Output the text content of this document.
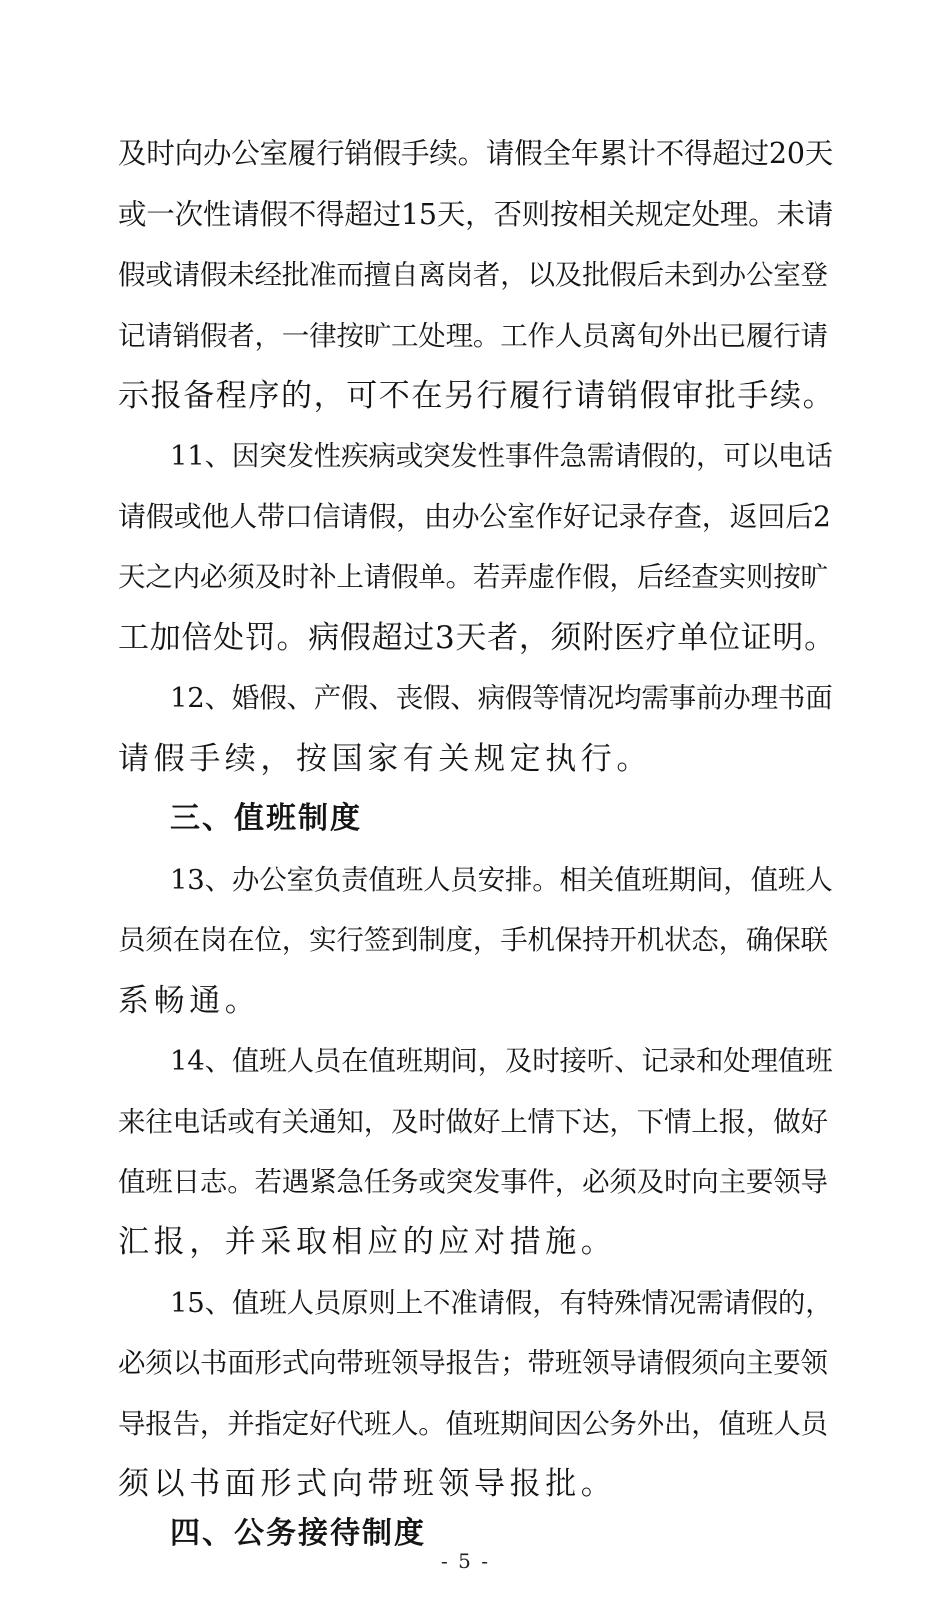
及时向办公室履行销假手续。请假全年累计不得超过20天

或一次性请假不得超过15天，否则按相关规定处理。未请

假或请假未经批准而擅自离岗者，以及批假后未到办公室登

记请销假者，一律按旷工处理。工作人员离旬外出已履行请

示报备程序的，可不在另行履行请销假审批手续。

11、因突发性疾病或突发性事件急需请假的，可以电话

请假或他人带口信请假，由办公室作好记录存查，返回后2

天之内必须及时补上请假单。若弄虚作假，后经查实则按旷

工加倍处罚。病假超过3天者，须附医疗单位证明。

12、婚假、产假、丧假、病假等情况均需事前办理书面

请假手续，按国家有关规定执行。

三、值班制度

13、办公室负责值班人员安排。相关值班期间，值班人

员须在岗在位，实行签到制度，手机保持开机状态，确保联

系畅通。

14、值班人员在值班期间，及时接听、记录和处理值班

来往电话或有关通知，及时做好上情下达，下情上报，做好

值班日志。若遇紧急任务或突发事件，必须及时向主要领导

汇报，并采取相应的应对措施。

15、值班人员原则上不准请假，有特殊情况需请假的，

必须以书面形式向带班领导报告；带班领导请假须向主要领

导报告，并指定好代班人。值班期间因公务外出，值班人员

须以书面形式向带班领导报批。

四、公务接待制度

- 5 -
